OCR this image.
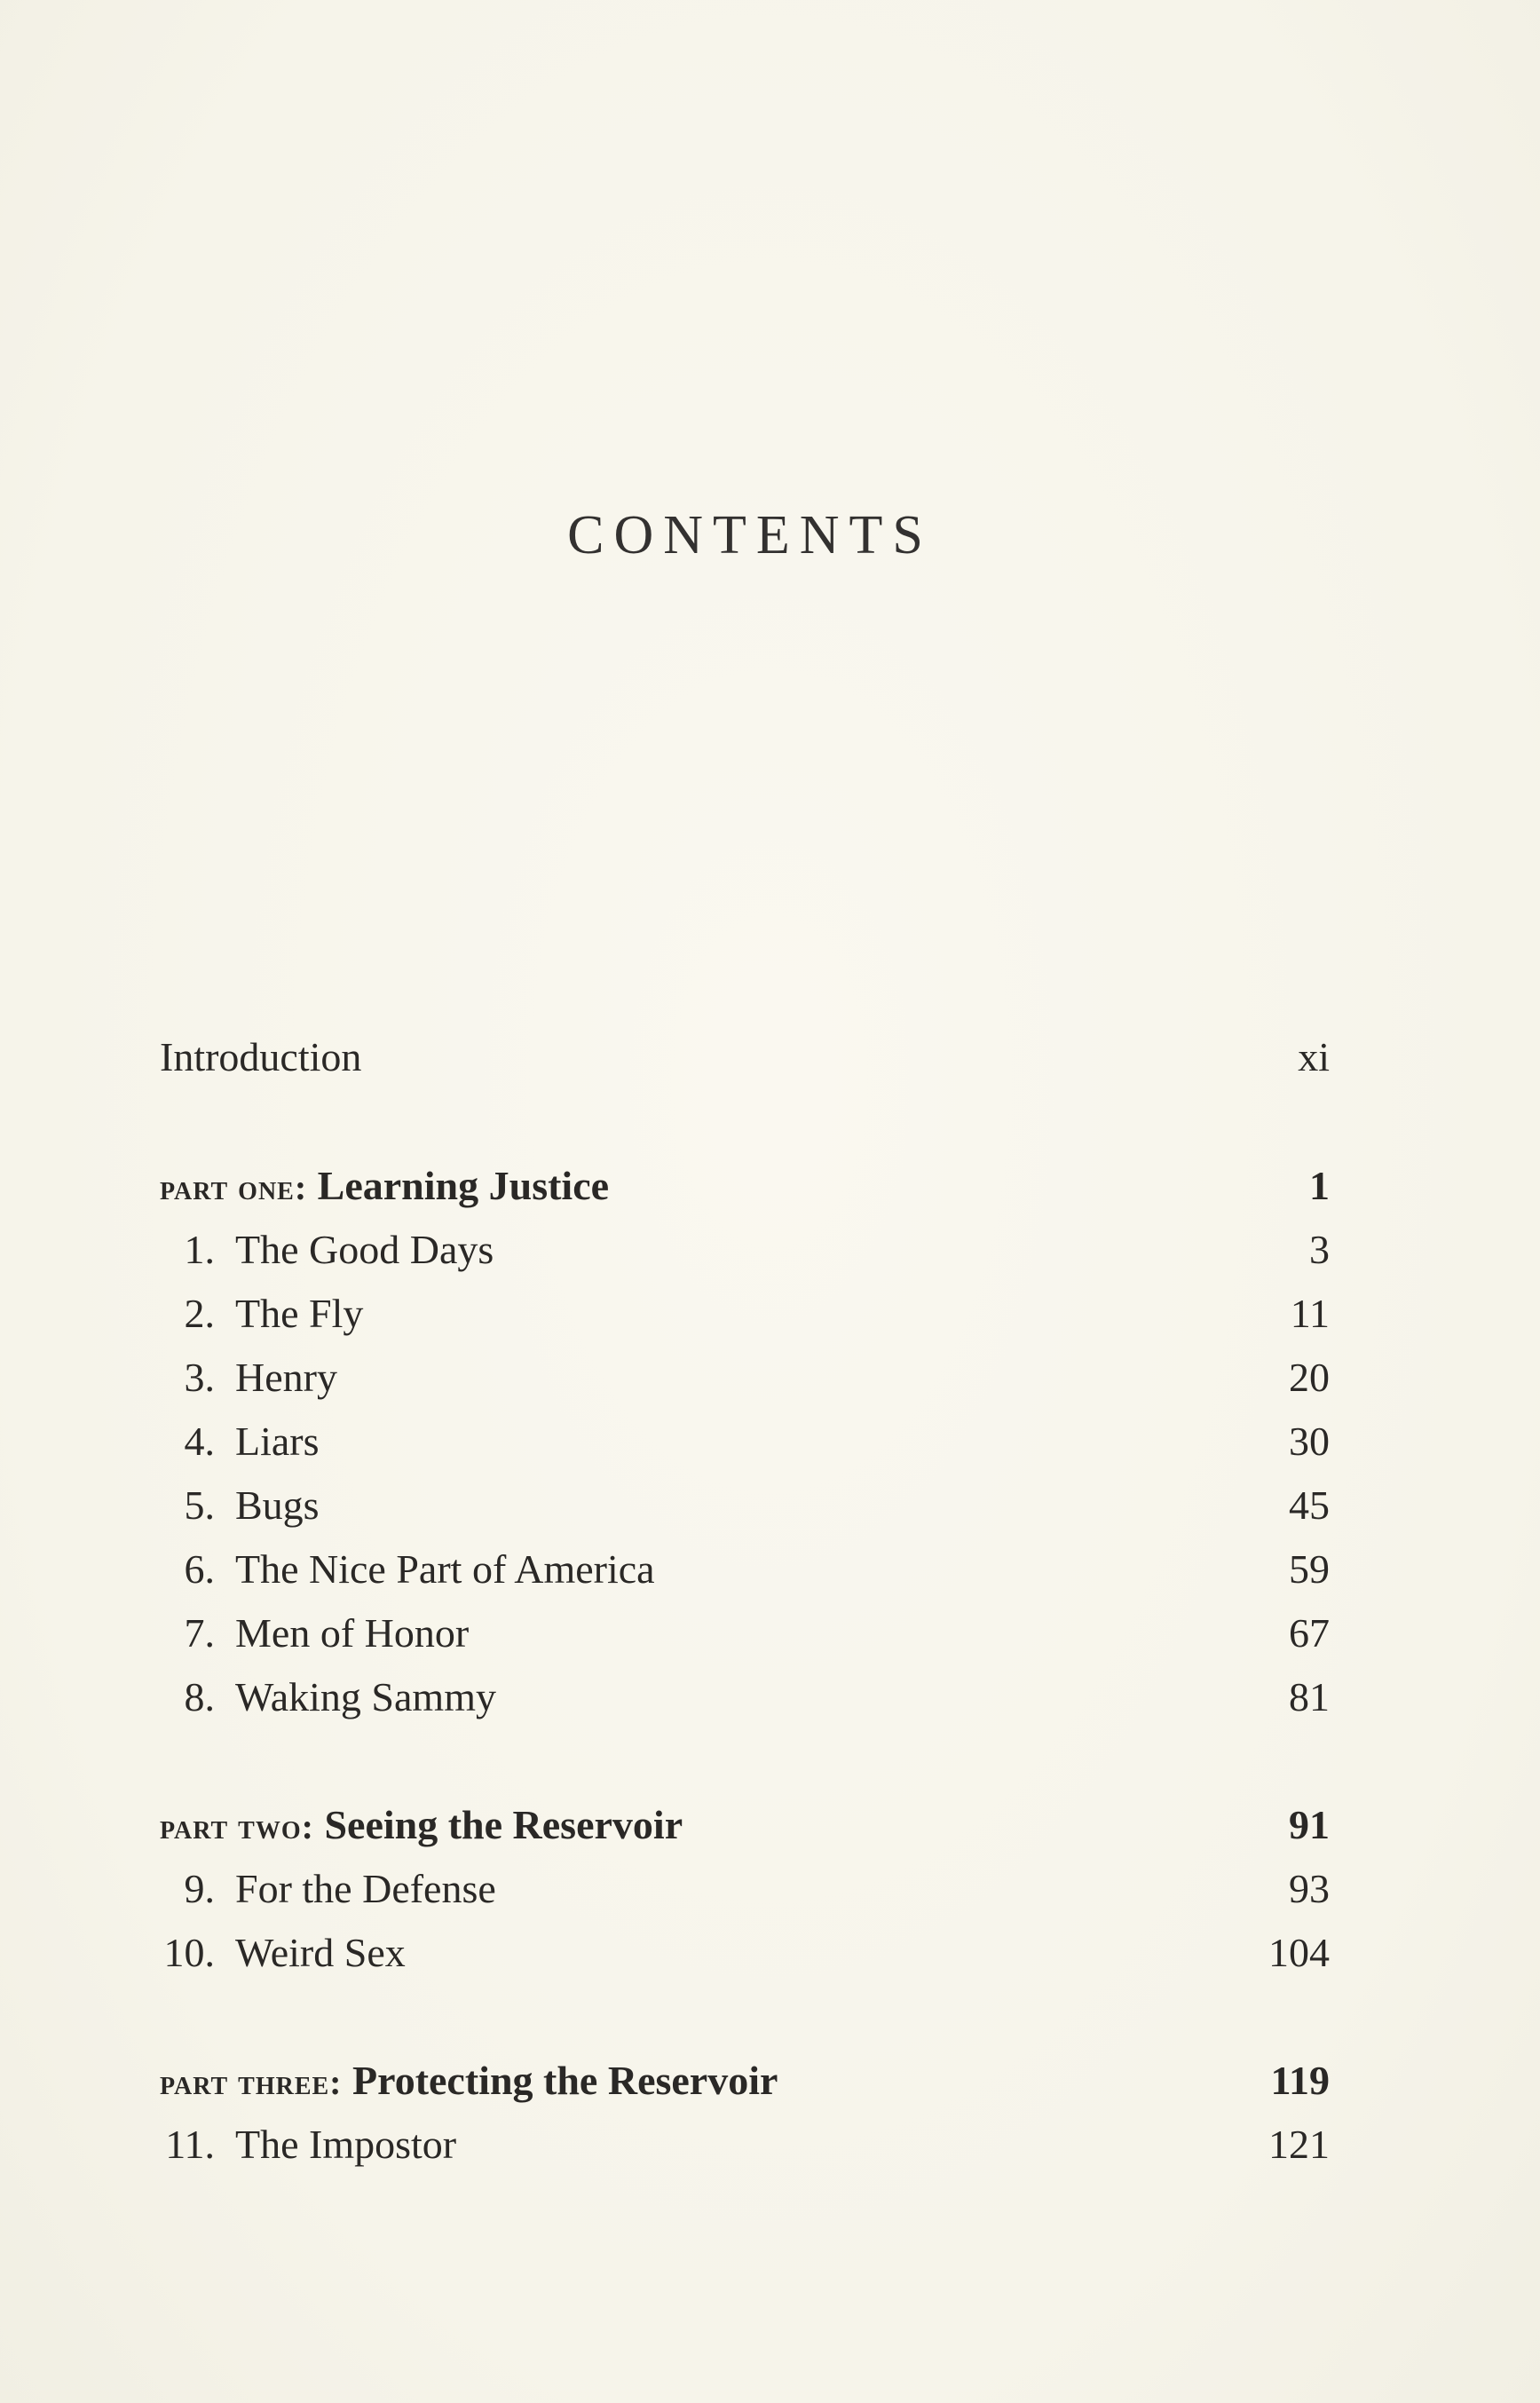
CONTENTS
Introduction	xi
part one: Learning Justice	1
1. The Good Days	3
2. The Fly	11
3. Henry	20
4. Liars	30
5. Bugs	45
6. The Nice Part of America	59
7. Men of Honor	67
8. Waking Sammy	81
part two: Seeing the Reservoir	91
9. For the Defense	93
10. Weird Sex	104
part three: Protecting the Reservoir	119
11. The Impostor	121
